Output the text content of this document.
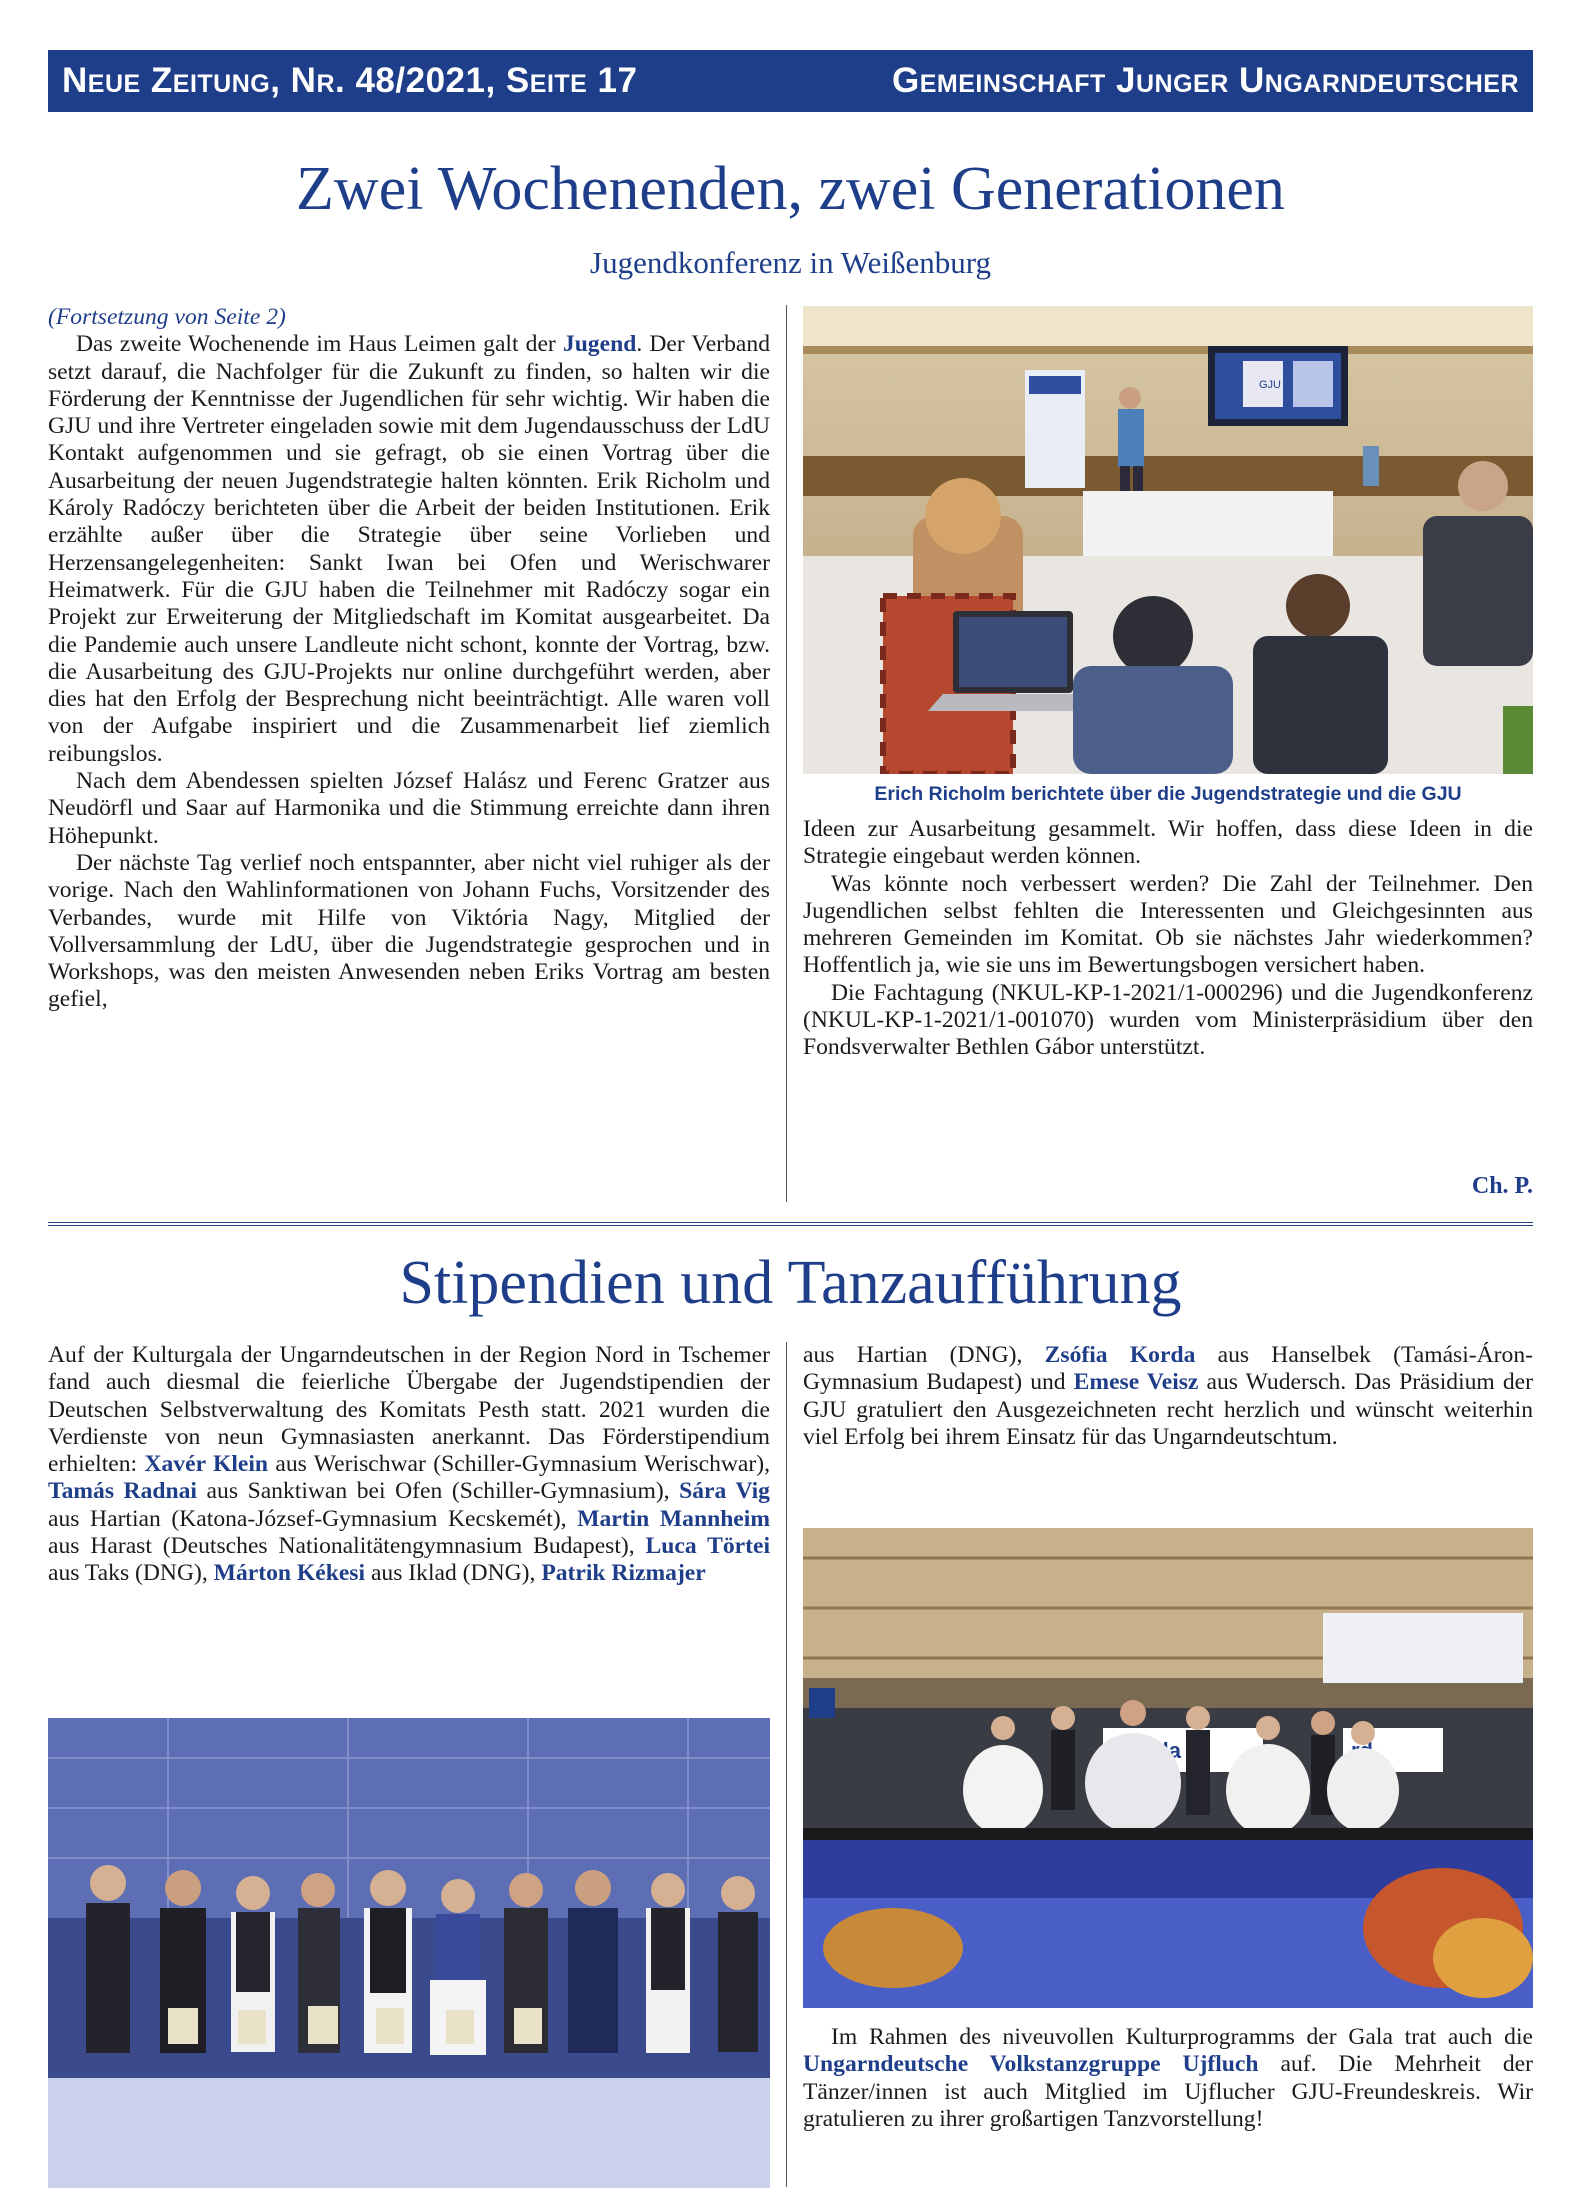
Neue Zeitung, Nr. 48/2021, Seite 17	Gemeinschaft Junger Ungarndeutscher
Zwei Wochenenden, zwei Generationen
Jugendkonferenz in Weißenburg

(Fortsetzung von Seite 2)

Das zweite Wochenende im Haus Leimen galt der Jugend. Der Verband setzt darauf, die Nachfolger für die Zukunft zu finden, so halten wir die Förderung der Kenntnisse der Jugendlichen für sehr wichtig. Wir haben die GJU und ihre Vertreter eingeladen sowie mit dem Jugendausschuss der LdU Kontakt aufgenommen und sie gefragt, ob sie einen Vortrag über die Ausarbeitung der neuen Jugendstrategie halten könnten. Erik Richolm und Károly Radóczy berichteten über die Arbeit der beiden Institutionen. Erik erzählte außer über die Strategie über seine Vorlieben und Herzensangelegenheiten: Sankt Iwan bei Ofen und Werischwarer Heimatwerk. Für die GJU haben die Teilnehmer mit Radóczy sogar ein Projekt zur Erweiterung der Mitgliedschaft im Komitat ausgearbeitet. Da die Pandemie auch unsere Landleute nicht schont, konnte der Vortrag, bzw. die Ausarbeitung des GJU-Projekts nur online durchgeführt werden, aber dies hat den Erfolg der Besprechung nicht beeinträchtigt. Alle waren voll von der Aufgabe inspiriert und die Zusammenarbeit lief ziemlich reibungslos.

Nach dem Abendessen spielten József Halász und Ferenc Gratzer aus Neudörfl und Saar auf Harmonika und die Stimmung erreichte dann ihren Höhepunkt.

Der nächste Tag verlief noch entspannter, aber nicht viel ruhiger als der vorige. Nach den Wahlinformationen von Johann Fuchs, Vorsitzender des Verbandes, wurde mit Hilfe von Viktória Nagy, Mitglied der Vollversammlung der LdU, über die Jugendstrategie gesprochen und in Workshops, was den meisten Anwesenden neben Eriks Vortrag am besten gefiel,

GJU
Erich Richolm berichtete über die Jugendstrategie und die GJU

Ideen zur Ausarbeitung gesammelt. Wir hoffen, dass diese Ideen in die Strategie eingebaut werden können.

Was könnte noch verbessert werden? Die Zahl der Teilnehmer. Den Jugendlichen selbst fehlten die Interessenten und Gleichgesinnten aus mehreren Gemeinden im Komitat. Ob sie nächstes Jahr wiederkommen? Hoffentlich ja, wie sie uns im Bewertungsbogen versichert haben.

Die Fachtagung (NKUL-KP-1-2021/1-000296) und die Jugendkonferenz (NKUL-KP-1-2021/1-001070) wurden vom Ministerpräsidium über den Fondsverwalter Bethlen Gábor unterstützt.

Ch. P.
Stipendien und Tanzaufführung

Auf der Kulturgala der Ungarndeutschen in der Region Nord in Tschemer fand auch diesmal die feierliche Übergabe der Jugendstipendien der Deutschen Selbstverwaltung des Komitats Pesth statt. 2021 wurden die Verdienste von neun Gymnasiasten anerkannt. Das Förderstipendium erhielten: Xavér Klein aus Werischwar (Schiller-Gymnasium Werischwar), Tamás Radnai aus Sanktiwan bei Ofen (Schiller-Gymnasium), Sára Vig aus Hartian (Katona-József-Gymnasium Kecskemét), Martin Mannheim aus Harast (Deutsches Nationalitätengymnasium Budapest), Luca Törtei aus Taks (DNG), Márton Kékesi aus Iklad (DNG), Patrik Rizmajer

aus Hartian (DNG), Zsófia Korda aus Hanselbek (Tamási-Áron-Gymnasium Budapest) und Emese Veisz aus Wudersch. Das Präsidium der GJU gratuliert den Ausgezeichneten recht herzlich und wünscht weiterhin viel Erfolg bei ihrem Einsatz für das Ungarndeutschtum.

Im Rahmen des niveuvollen Kulturprogramms der Gala trat auch die Ungarndeutsche Volkstanzgruppe Ujfluch auf. Die Mehrheit der Tänzer/innen ist auch Mitglied im Ujflucher GJU-Freundeskreis. Wir gratulieren zu ihrer großartigen Tanzvorstellung!
